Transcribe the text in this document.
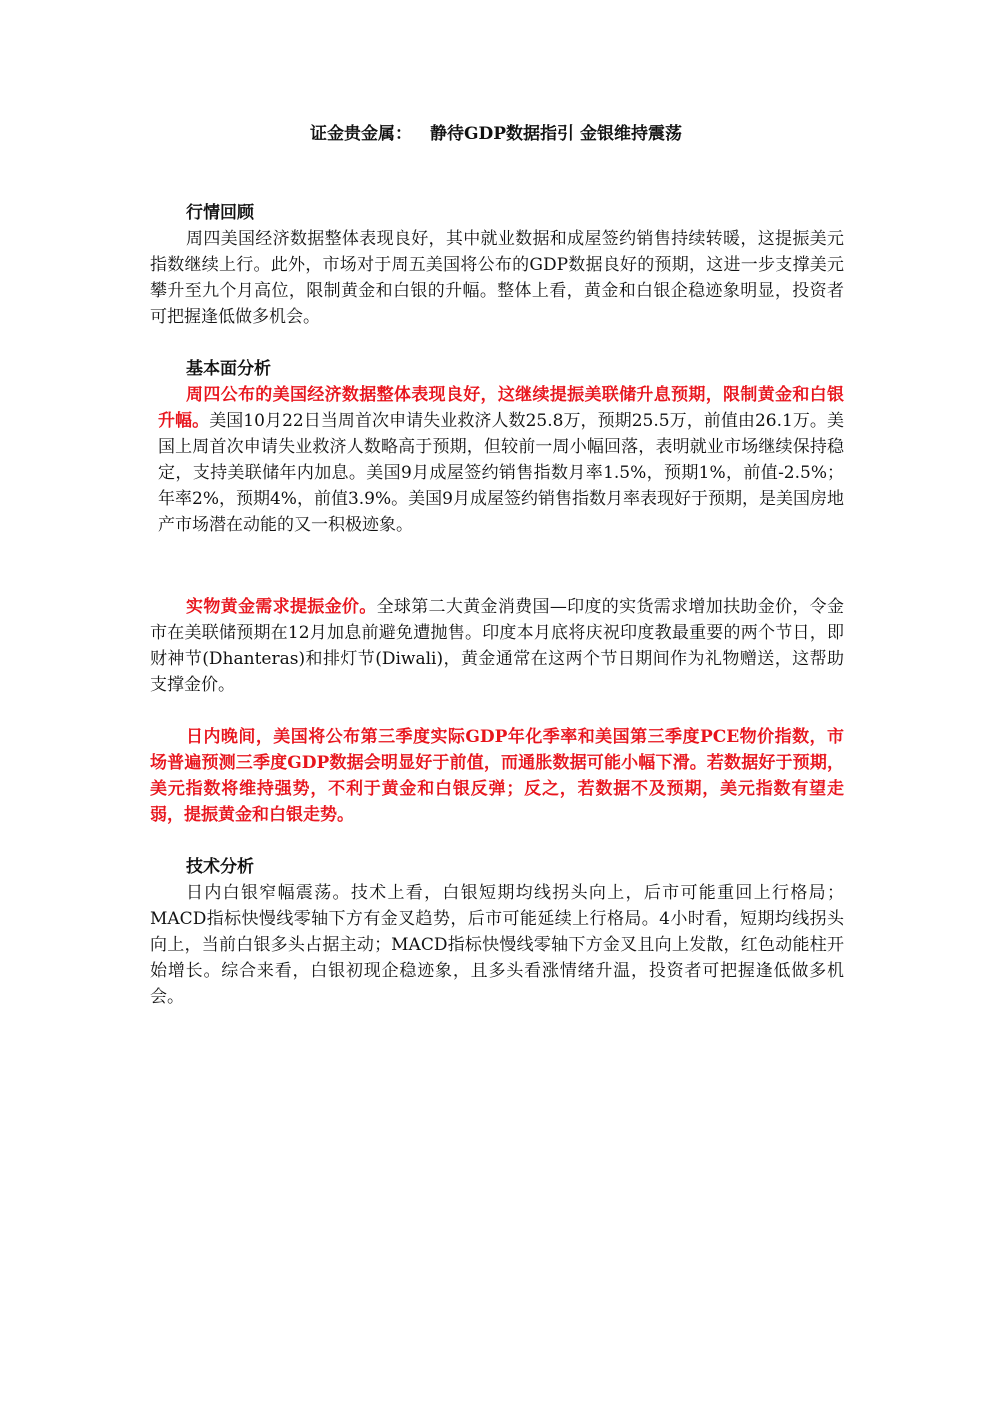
证金贵金属： 静待GDP数据指引 金银维持震荡
行情回顾

周四美国经济数据整体表现良好，其中就业数据和成屋签约销售持续转暖，这提振美元指数继续上行。此外，市场对于周五美国将公布的GDP数据良好的预期，这进一步支撑美元攀升至九个月高位，限制黄金和白银的升幅。整体上看，黄金和白银企稳迹象明显，投资者可把握逢低做多机会。

基本面分析

周四公布的美国经济数据整体表现良好，这继续提振美联储升息预期，限制黄金和白银升幅。美国10月22日当周首次申请失业救济人数25.8万，预期25.5万，前值由26.1万。美国上周首次申请失业救济人数略高于预期，但较前一周小幅回落，表明就业市场继续保持稳定，支持美联储年内加息。美国9月成屋签约销售指数月率1.5%，预期1%，前值-2.5%；年率2%，预期4%，前值3.9%。美国9月成屋签约销售指数月率表现好于预期，是美国房地产市场潜在动能的又一积极迹象。

实物黄金需求提振金价。全球第二大黄金消费国—印度的实货需求增加扶助金价，令金市在美联储预期在12月加息前避免遭抛售。印度本月底将庆祝印度教最重要的两个节日，即财神节(Dhanteras)和排灯节(Diwali)，黄金通常在这两个节日期间作为礼物赠送，这帮助支撑金价。

日内晚间，美国将公布第三季度实际GDP年化季率和美国第三季度PCE物价指数，市场普遍预测三季度GDP数据会明显好于前值，而通胀数据可能小幅下滑。若数据好于预期，美元指数将维持强势，不利于黄金和白银反弹；反之，若数据不及预期，美元指数有望走弱，提振黄金和白银走势。

技术分析

日内白银窄幅震荡。技术上看，白银短期均线拐头向上，后市可能重回上行格局；MACD指标快慢线零轴下方有金叉趋势，后市可能延续上行格局。4小时看，短期均线拐头向上，当前白银多头占据主动；MACD指标快慢线零轴下方金叉且向上发散，红色动能柱开始增长。综合来看，白银初现企稳迹象，且多头看涨情绪升温，投资者可把握逢低做多机会。
